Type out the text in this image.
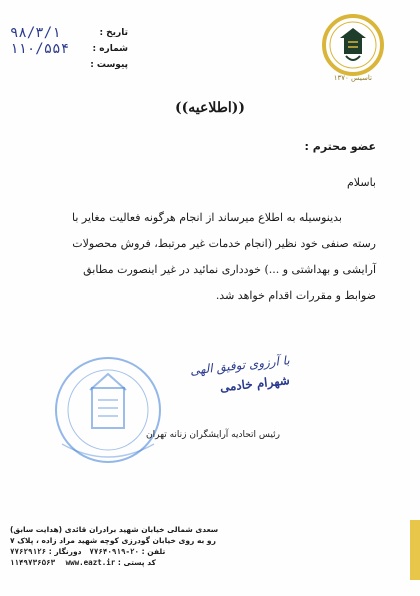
۹۸/۳/۱	تاریخ :
۱۱۰/۵۵۴	شماره :
پیوست :
تاسیس ۱۳۷۰
((اطلاعیه))
عضو محترم :
باسلام

بدینوسیله به اطلاع میرساند از انجام هرگونه فعالیت مغایر با

رسته صنفی خود نظیر (انجام خدمات غیر مرتبط، فروش محصولات

آرایشی و بهداشتی و ...) خودداری نمائید در غیر اینصورت مطابق

ضوابط و مقررات اقدام خواهد شد.

با آرزوی توفیق الهی
شهرام خادمی
رئیس اتحادیه آرایشگران زنانه تهران
سعدی شمالی خیابان شهید برادران قائدی (هدایت سابق)
رو به روی خیابان گودرزی کوچه شهید مراد زاده ، پلاک ۷
تلفن : ۷۷۶۴۰۹۱۹-۲۰   دورنگار : ۷۷۶۲۹۱۲۶
کد پستی : ۱۱۴۹۷۳۶۵۶۳ www.eazt.ir
